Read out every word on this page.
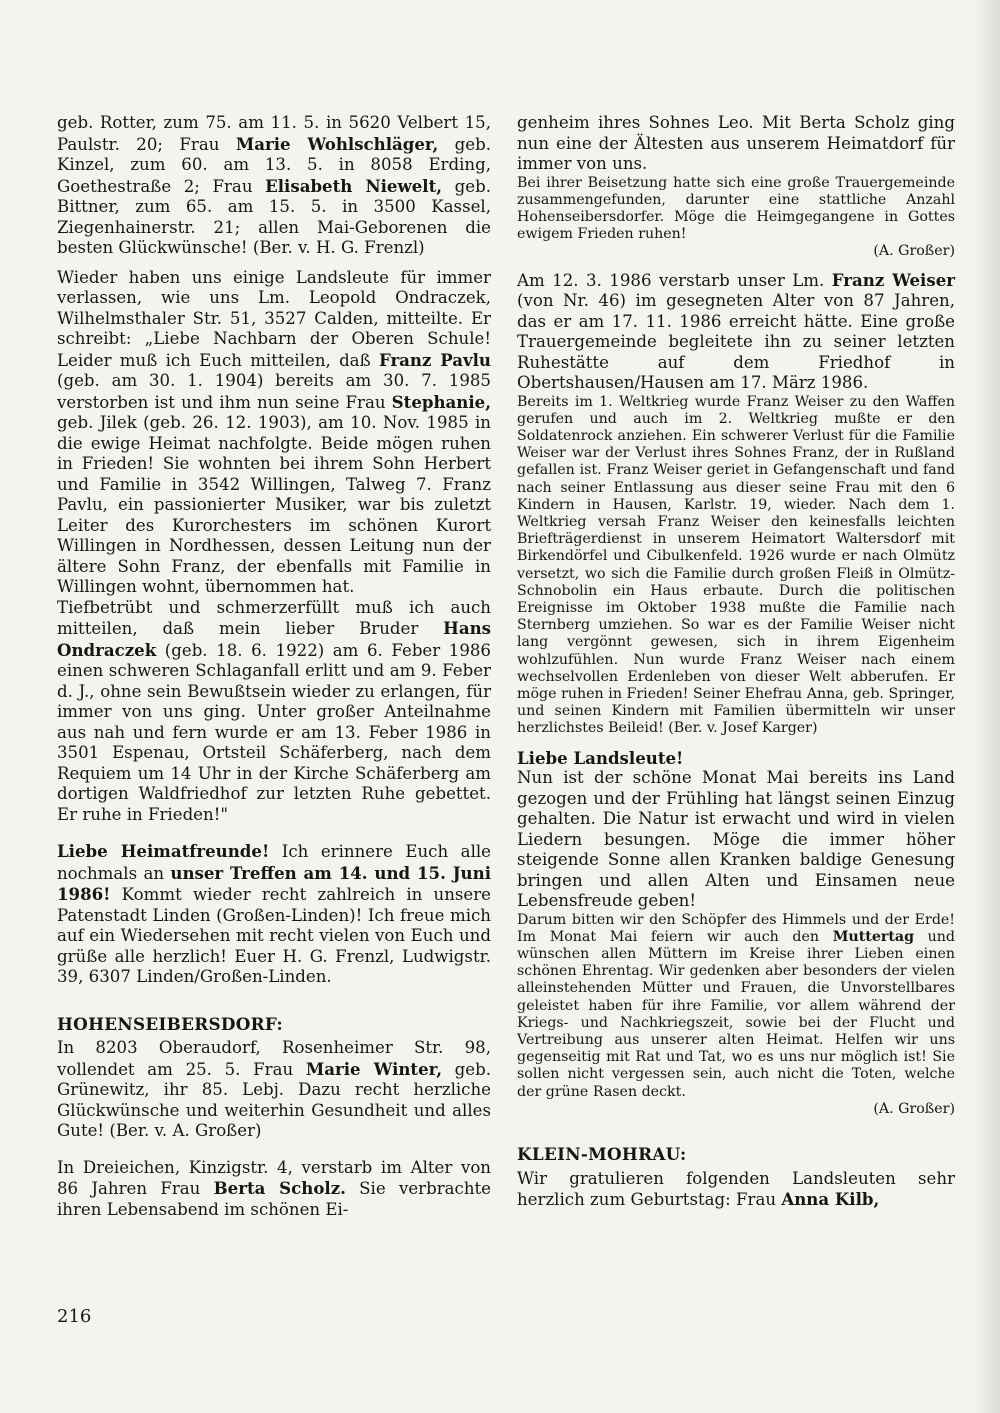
geb. Rotter, zum 75. am 11. 5. in 5620 Velbert 15, Paulstr. 20; Frau Marie Wohlschläger, geb. Kinzel, zum 60. am 13. 5. in 8058 Erding, Goethestraße 2; Frau Elisabeth Niewelt, geb. Bittner, zum 65. am 15. 5. in 3500 Kassel, Ziegenhainerstr. 21; allen Mai-Geborenen die besten Glückwünsche! (Ber. v. H. G. Frenzl)

Wieder haben uns einige Landsleute für immer verlassen, wie uns Lm. Leopold Ondraczek, Wilhelmsthaler Str. 51, 3527 Calden, mitteilte. Er schreibt: „Liebe Nachbarn der Oberen Schule! Leider muß ich Euch mitteilen, daß Franz Pavlu (geb. am 30. 1. 1904) bereits am 30. 7. 1985 verstorben ist und ihm nun seine Frau Stephanie, geb. Jilek (geb. 26. 12. 1903), am 10. Nov. 1985 in die ewige Heimat nachfolgte. Beide mögen ruhen in Frieden! Sie wohnten bei ihrem Sohn Herbert und Familie in 3542 Willingen, Talweg 7. Franz Pavlu, ein passionierter Musiker, war bis zuletzt Leiter des Kurorchesters im schönen Kurort Willingen in Nordhessen, dessen Leitung nun der ältere Sohn Franz, der ebenfalls mit Familie in Willingen wohnt, übernommen hat.

Tiefbetrübt und schmerzerfüllt muß ich auch mitteilen, daß mein lieber Bruder Hans Ondraczek (geb. 18. 6. 1922) am 6. Feber 1986 einen schweren Schlaganfall erlitt und am 9. Feber d. J., ohne sein Bewußtsein wieder zu erlangen, für immer von uns ging. Unter großer Anteilnahme aus nah und fern wurde er am 13. Feber 1986 in 3501 Espenau, Ortsteil Schäferberg, nach dem Requiem um 14 Uhr in der Kirche Schäferberg am dortigen Waldfriedhof zur letzten Ruhe gebettet. Er ruhe in Frieden!"

Liebe Heimatfreunde! Ich erinnere Euch alle nochmals an unser Treffen am 14. und 15. Juni 1986! Kommt wieder recht zahlreich in unsere Patenstadt Linden (Großen-Linden)! Ich freue mich auf ein Wiedersehen mit recht vielen von Euch und grüße alle herzlich! Euer H. G. Frenzl, Ludwigstr. 39, 6307 Linden/Großen-Linden.

HOHENSEIBERSDORF:

In 8203 Oberaudorf, Rosenheimer Str. 98, vollendet am 25. 5. Frau Marie Winter, geb. Grünewitz, ihr 85. Lebj. Dazu recht herzliche Glückwünsche und weiterhin Gesundheit und alles Gute! (Ber. v. A. Großer)

In Dreieichen, Kinzigstr. 4, verstarb im Alter von 86 Jahren Frau Berta Scholz. Sie verbrachte ihren Lebensabend im schönen Ei-

genheim ihres Sohnes Leo. Mit Berta Scholz ging nun eine der Ältesten aus unserem Heimatdorf für immer von uns.

Bei ihrer Beisetzung hatte sich eine große Trauergemeinde zusammengefunden, darunter eine stattliche Anzahl Hohenseibersdorfer. Möge die Heimgegangene in Gottes ewigem Frieden ruhen!
(A. Großer)

Am 12. 3. 1986 verstarb unser Lm. Franz Weiser (von Nr. 46) im gesegneten Alter von 87 Jahren, das er am 17. 11. 1986 erreicht hätte. Eine große Trauergemeinde begleitete ihn zu seiner letzten Ruhestätte auf dem Friedhof in Obertshausen/Hausen am 17. März 1986.

Bereits im 1. Weltkrieg wurde Franz Weiser zu den Waffen gerufen und auch im 2. Weltkrieg mußte er den Soldatenrock anziehen. Ein schwerer Verlust für die Familie Weiser war der Verlust ihres Sohnes Franz, der in Rußland gefallen ist. Franz Weiser geriet in Gefangenschaft und fand nach seiner Entlassung aus dieser seine Frau mit den 6 Kindern in Hausen, Karlstr. 19, wieder. Nach dem 1. Weltkrieg versah Franz Weiser den keinesfalls leichten Briefträgerdienst in unserem Heimatort Waltersdorf mit Birkendörfel und Cibulkenfeld. 1926 wurde er nach Olmütz versetzt, wo sich die Familie durch großen Fleiß in Olmütz-Schnobolin ein Haus erbaute. Durch die politischen Ereignisse im Oktober 1938 mußte die Familie nach Sternberg umziehen. So war es der Familie Weiser nicht lang vergönnt gewesen, sich in ihrem Eigenheim wohlzufühlen. Nun wurde Franz Weiser nach einem wechselvollen Erdenleben von dieser Welt abberufen. Er möge ruhen in Frieden! Seiner Ehefrau Anna, geb. Springer, und seinen Kindern mit Familien übermitteln wir unser herzlichstes Beileid! (Ber. v. Josef Karger)

Liebe Landsleute!

Nun ist der schöne Monat Mai bereits ins Land gezogen und der Frühling hat längst seinen Einzug gehalten. Die Natur ist erwacht und wird in vielen Liedern besungen. Möge die immer höher steigende Sonne allen Kranken baldige Genesung bringen und allen Alten und Einsamen neue Lebensfreude geben!

Darum bitten wir den Schöpfer des Himmels und der Erde! Im Monat Mai feiern wir auch den Muttertag und wünschen allen Müttern im Kreise ihrer Lieben einen schönen Ehrentag. Wir gedenken aber besonders der vielen alleinstehenden Mütter und Frauen, die Unvorstellbares geleistet haben für ihre Familie, vor allem während der Kriegs- und Nachkriegszeit, sowie bei der Flucht und Vertreibung aus unserer alten Heimat. Helfen wir uns gegenseitig mit Rat und Tat, wo es uns nur möglich ist! Sie sollen nicht vergessen sein, auch nicht die Toten, welche der grüne Rasen deckt.
(A. Großer)

KLEIN-MOHRAU:

Wir gratulieren folgenden Landsleuten sehr herzlich zum Geburtstag: Frau Anna Kilb,

216
